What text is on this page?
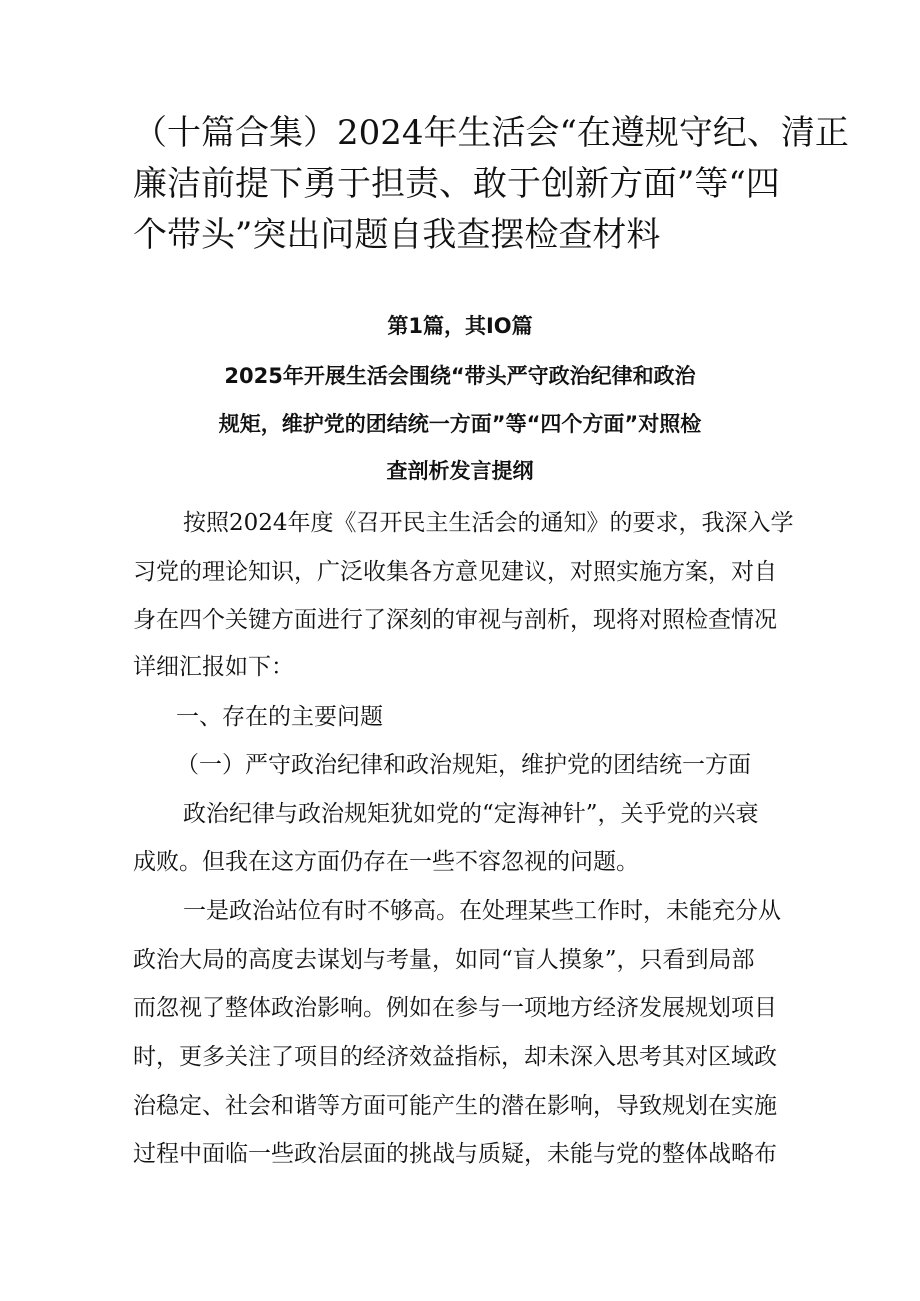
（十篇合集）2024年生活会“在遵规守纪、清正
廉洁前提下勇于担责、敢于创新方面”等“四
个带头”突出问题自我查摆检查材料
第1篇，其IO篇
2025年开展生活会围绕“带头严守政治纪律和政治
规矩，维护党的团结统一方面”等“四个方面”对照检
查剖析发言提纲
按照2024年度《召开民主生活会的通知》的要求，我深入学
习党的理论知识，广泛收集各方意见建议，对照实施方案，对自
身在四个关键方面进行了深刻的审视与剖析，现将对照检查情况
详细汇报如下：
一、存在的主要问题
（一）严守政治纪律和政治规矩，维护党的团结统一方面
政治纪律与政治规矩犹如党的“定海神针”，关乎党的兴衰
成败。但我在这方面仍存在一些不容忽视的问题。
一是政治站位有时不够高。在处理某些工作时，未能充分从
政治大局的高度去谋划与考量，如同“盲人摸象”，只看到局部
而忽视了整体政治影响。例如在参与一项地方经济发展规划项目
时，更多关注了项目的经济效益指标，却未深入思考其对区域政
治稳定、社会和谐等方面可能产生的潜在影响，导致规划在实施
过程中面临一些政治层面的挑战与质疑，未能与党的整体战略布
